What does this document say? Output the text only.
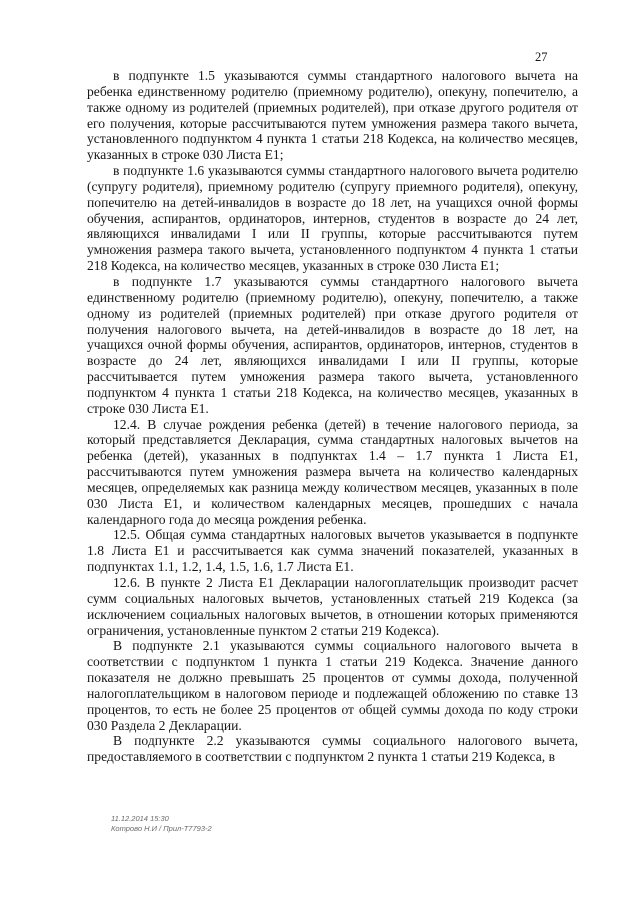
27

в подпункте 1.5 указываются суммы стандартного налогового вычета на ребенка единственному родителю (приемному родителю), опекуну, попечителю, а также одному из родителей (приемных родителей), при отказе другого родителя от его получения, которые рассчитываются путем умножения размера такого вычета, установленного подпунктом 4 пункта 1 статьи 218 Кодекса, на количество месяцев, указанных в строке 030 Листа Е1;

в подпункте 1.6 указываются суммы стандартного налогового вычета родителю (супругу родителя), приемному родителю (супругу приемного родителя), опекуну, попечителю на детей-инвалидов в возрасте до 18 лет, на учащихся очной формы обучения, аспирантов, ординаторов, интернов, студентов в возрасте до 24 лет, являющихся инвалидами I или II группы, которые рассчитываются путем умножения размера такого вычета, установленного подпунктом 4 пункта 1 статьи 218 Кодекса, на количество месяцев, указанных в строке 030 Листа Е1;

в подпункте 1.7 указываются суммы стандартного налогового вычета единственному родителю (приемному родителю), опекуну, попечителю, а также одному из родителей (приемных родителей) при отказе другого родителя от получения налогового вычета, на детей-инвалидов в возрасте до 18 лет, на учащихся очной формы обучения, аспирантов, ординаторов, интернов, студентов в возрасте до 24 лет, являющихся инвалидами I или II группы, которые рассчитывается путем умножения размера такого вычета, установленного подпунктом 4 пункта 1 статьи 218 Кодекса, на количество месяцев, указанных в строке 030 Листа Е1.

12.4. В случае рождения ребенка (детей) в течение налогового периода, за который представляется Декларация, сумма стандартных налоговых вычетов на ребенка (детей), указанных в подпунктах 1.4 – 1.7 пункта 1 Листа Е1, рассчитываются путем умножения размера вычета на количество календарных месяцев, определяемых как разница между количеством месяцев, указанных в поле 030 Листа Е1, и количеством календарных месяцев, прошедших с начала календарного года до месяца рождения ребенка.

12.5. Общая сумма стандартных налоговых вычетов указывается в подпункте 1.8 Листа Е1 и рассчитывается как сумма значений показателей, указанных в подпунктах 1.1, 1.2, 1.4, 1.5, 1.6, 1.7 Листа Е1.

12.6. В пункте 2 Листа Е1 Декларации налогоплательщик производит расчет сумм социальных налоговых вычетов, установленных статьей 219 Кодекса (за исключением социальных налоговых вычетов, в отношении которых применяются ограничения, установленные пунктом 2 статьи 219 Кодекса).

В подпункте 2.1 указываются суммы социального налогового вычета в соответствии с подпунктом 1 пункта 1 статьи 219 Кодекса. Значение данного показателя не должно превышать 25 процентов от суммы дохода, полученной налогоплательщиком в налоговом периоде и подлежащей обложению по ставке 13 процентов, то есть не более 25 процентов от общей суммы дохода по коду строки 030 Раздела 2 Декларации.

В подпункте 2.2 указываются суммы социального налогового вычета, предоставляемого в соответствии с подпунктом 2 пункта 1 статьи 219 Кодекса, в

11.12.2014 15:30
Котрово Н.И / Прил-Т7793-2
